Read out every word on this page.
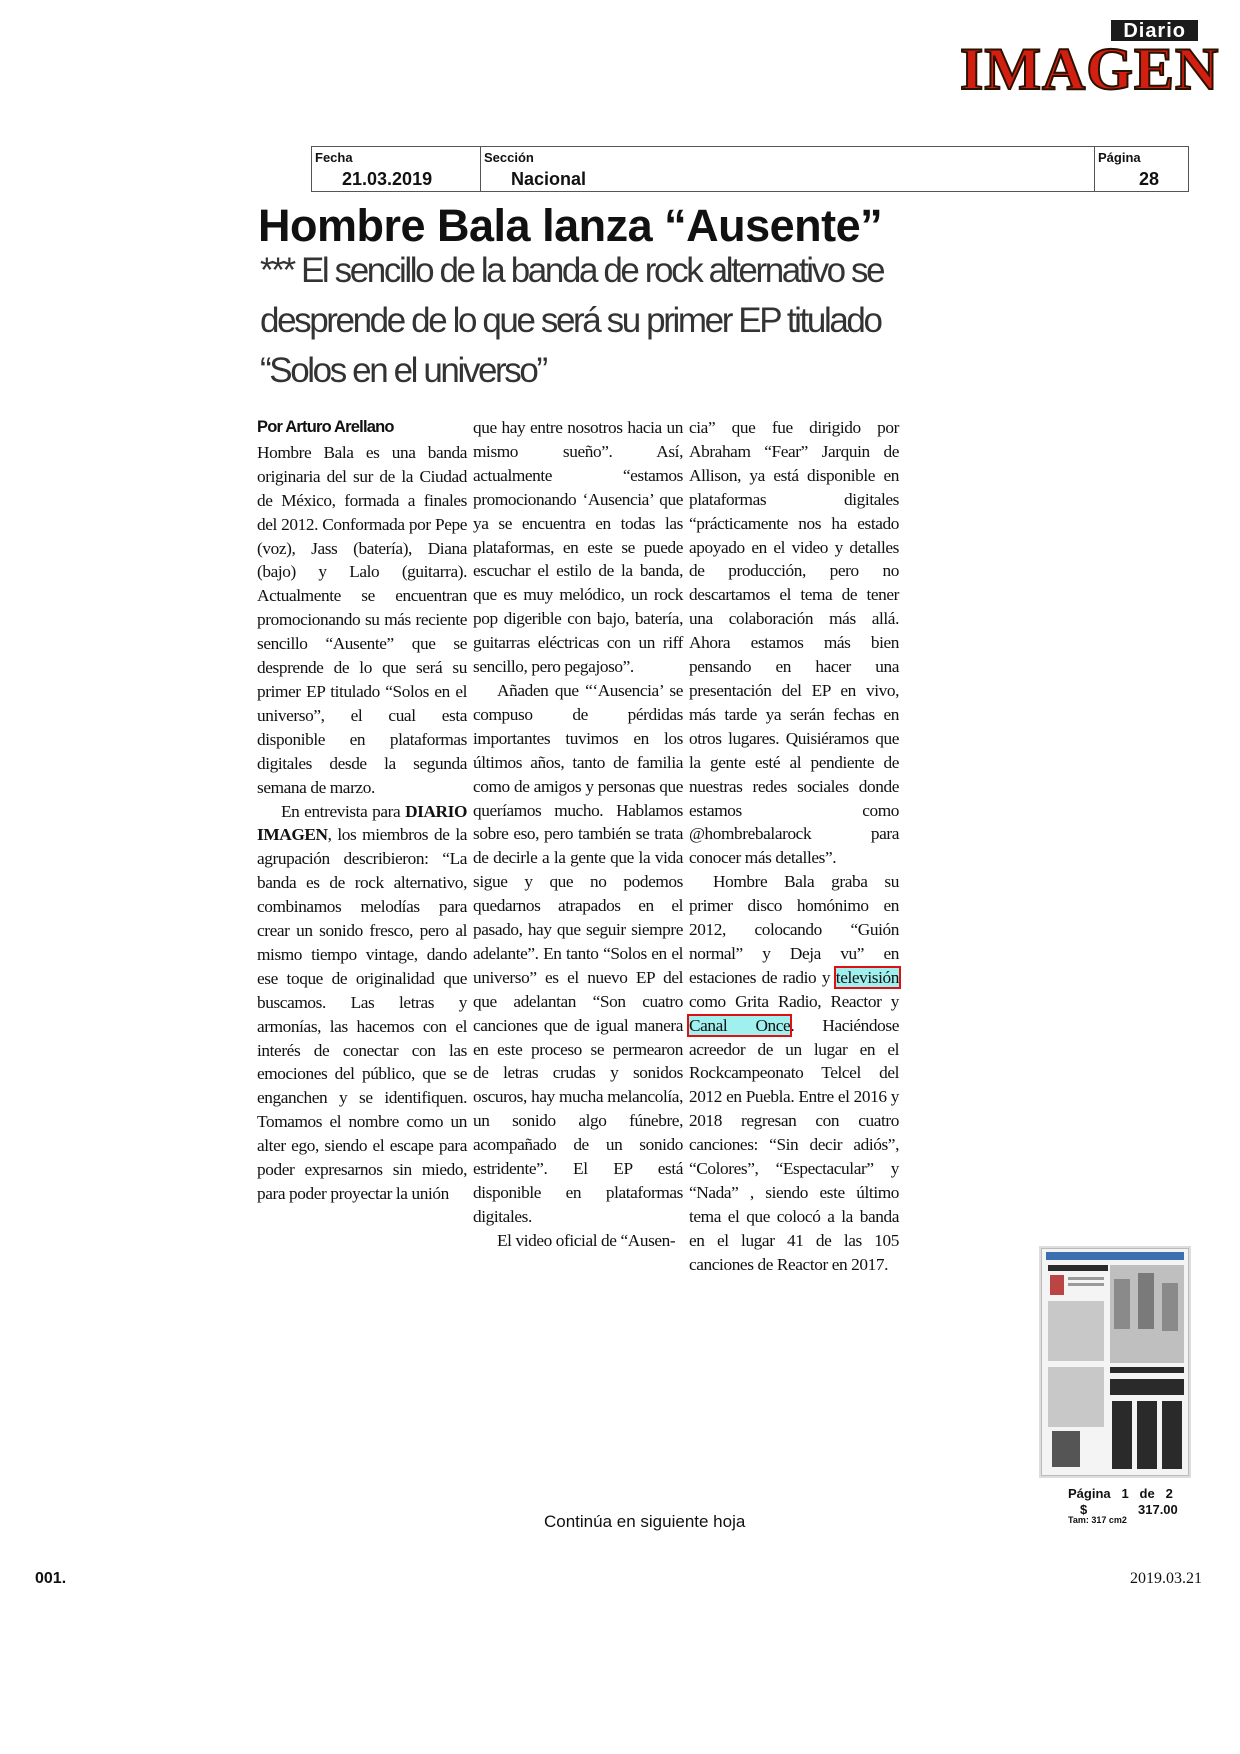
Diario
IMAGEN
Fecha
21.03.2019
Sección
Nacional
Página
28
Hombre Bala lanza “Ausente”
*** El sencillo de la banda de rock alternativo se desprende de lo que será su primer EP titulado “Solos en el universo”
Por Arturo Arellano

Hombre Bala es una banda originaria del sur de la Ciudad de México, formada a finales del 2012. Conformada por Pepe (voz), Jass (batería), Diana (bajo) y Lalo (guitarra). Actualmente se encuentran promocionando su más reciente sencillo “Ausente” que se desprende de lo que será su primer EP titulado “Solos en el universo”, el cual esta disponible en plataformas digitales desde la segunda semana de marzo.

En entrevista para DIARIO IMAGEN, los miembros de la agrupación describieron: “La banda es de rock alternativo, combinamos melodías para crear un sonido fresco, pero al mismo tiempo vintage, dando ese toque de originalidad que buscamos. Las letras y armonías, las hacemos con el interés de conectar con las emociones del público, que se enganchen y se identifiquen. Tomamos el nombre como un alter ego, siendo el escape para poder expresarnos sin miedo, para poder proyectar la unión

que hay entre nosotros hacia un mismo sueño”. Así, actualmente “estamos promocionando ‘Ausencia’ que ya se encuentra en todas las plataformas, en este se puede escuchar el estilo de la banda, que es muy melódico, un rock pop digerible con bajo, batería, guitarras eléctricas con un riff sencillo, pero pegajoso”.

Añaden que “‘Ausencia’ se compuso de pérdidas importantes tuvimos en los últimos años, tanto de familia como de amigos y personas que queríamos mucho. Hablamos sobre eso, pero también se trata de decirle a la gente que la vida sigue y que no podemos quedarnos atrapados en el pasado, hay que seguir siempre adelante”. En tanto “Solos en el universo” es el nuevo EP del que adelantan “Son cuatro canciones que de igual manera en este proceso se permearon de letras crudas y sonidos oscuros, hay mucha melancolía, un sonido algo fúnebre, acompañado de un sonido estridente”. El EP está disponible en plataformas digitales.

El video oficial de “Ausen-

cia” que fue dirigido por Abraham “Fear” Jarquin de Allison, ya está disponible en plataformas digitales “prácticamente nos ha estado apoyado en el video y detalles de producción, pero no descartamos el tema de tener una colaboración más allá. Ahora estamos más bien pensando en hacer una presentación del EP en vivo, más tarde ya serán fechas en otros lugares. Quisiéramos que la gente esté al pendiente de nuestras redes sociales donde estamos como @hombrebalarock para conocer más detalles”.

Hombre Bala graba su primer disco homónimo en 2012, colocando “Guión normal” y Deja vu” en estaciones de radio y televisión como Grita Radio, Reactor y Canal Once. Haciéndose acreedor de un lugar en el Rockcampeonato Telcel del 2012 en Puebla. Entre el 2016 y 2018 regresan con cuatro canciones: “Sin decir adiós”, “Colores”, “Espectacular” y “Nada” , siendo este último tema el que colocó a la banda en el lugar 41 de las 105 canciones de Reactor en 2017.

Página 1 de 2
$	317.00
Tam: 317 cm2
Continúa en siguiente hoja
001.	2019.03.21
